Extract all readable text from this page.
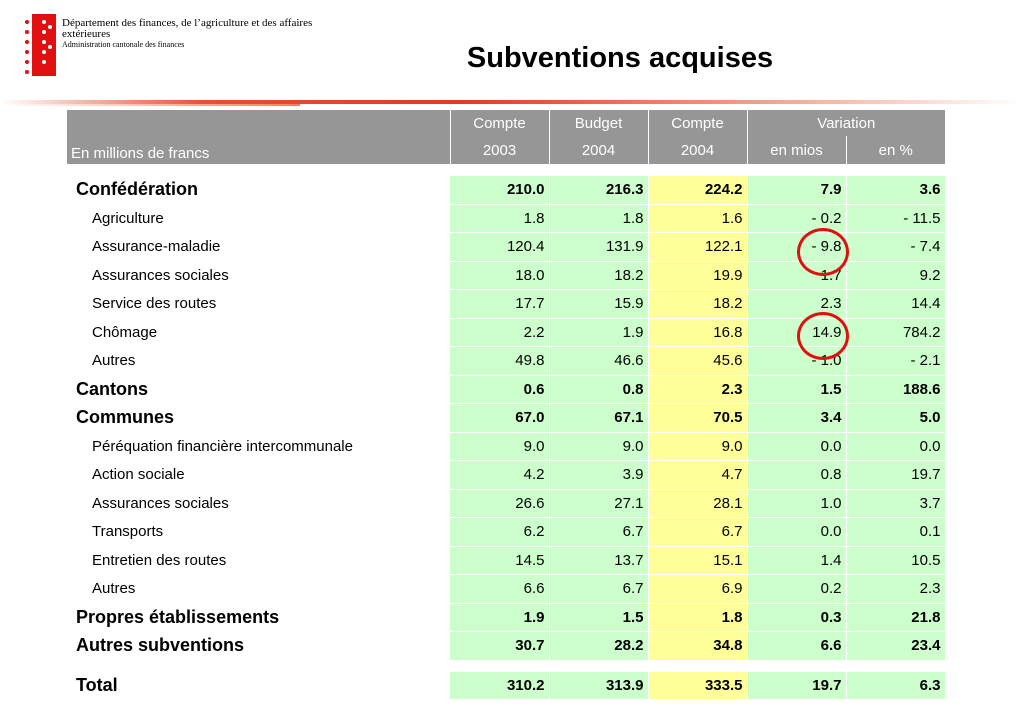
Département des finances, de l’agriculture et des affaires
extérieures
Administration cantonale des finances	Subventions acquises
	Compte	Budget	Compte	Variation	
En millions de francs	2003	2004	2004	en mios	en %

Confédération	210.0	216.3	224.2	7.9	3.6
Agriculture	1.8	1.8	1.6	- 0.2	- 11.5
Assurance-maladie	120.4	131.9	122.1	- 9.8	- 7.4
Assurances sociales	18.0	18.2	19.9	1.7	9.2
Service des routes	17.7	15.9	18.2	2.3	14.4
Chômage	2.2	1.9	16.8	14.9	784.2
Autres	49.8	46.6	45.6	- 1.0	- 2.1
Cantons	0.6	0.8	2.3	1.5	188.6
Communes	67.0	67.1	70.5	3.4	5.0
Péréquation financière intercommunale	9.0	9.0	9.0	0.0	0.0
Action sociale	4.2	3.9	4.7	0.8	19.7
Assurances sociales	26.6	27.1	28.1	1.0	3.7
Transports	6.2	6.7	6.7	0.0	0.1
Entretien des routes	14.5	13.7	15.1	1.4	10.5
Autres	6.6	6.7	6.9	0.2	2.3
Propres établissements	1.9	1.5	1.8	0.3	21.8
Autres subventions	30.7	28.2	34.8	6.6	23.4

Total	310.2	313.9	333.5	19.7	6.3
